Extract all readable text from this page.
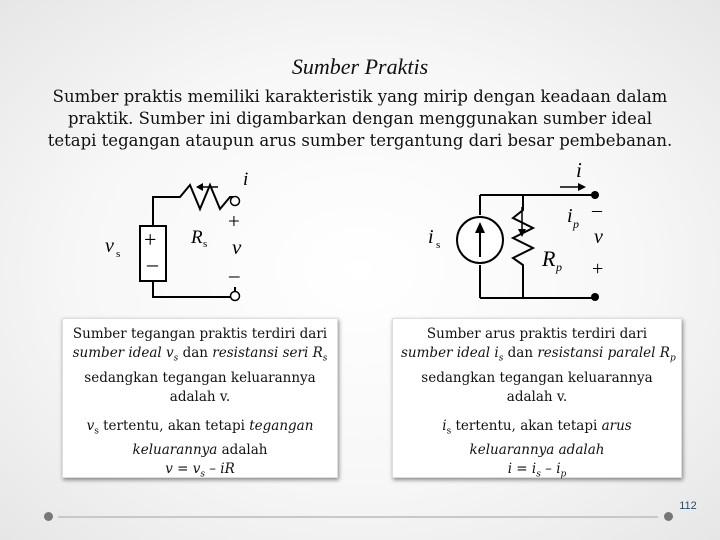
Sumber Praktis
Sumber praktis memiliki karakteristik yang mirip dengan keadaan dalam
praktik. Sumber ini digambarkan dengan menggunakan sumber ideal
tetapi tegangan ataupun arus sumber tergantung dari besar pembebanan.
v s
+
–
R s
i
+
v
–
i s
i
i p
R p
–
v
+

Sumber tegangan praktis terdiri dari
sumber ideal $v_s$ dan resistansi seri $R_s$
sedangkan tegangan keluarannya
adalah v.

$v_s$ tertentu, akan tetapi tegangan
keluarannya adalah
$v = v_s$ – iR

Sumber arus praktis terdiri dari
sumber ideal $i_s$ dan resistansi paralel $R_p$
sedangkan tegangan keluarannya
adalah v.

$i_s$ tertentu, akan tetapi arus
keluarannya adalah
$i = i_s - i_p$

112
